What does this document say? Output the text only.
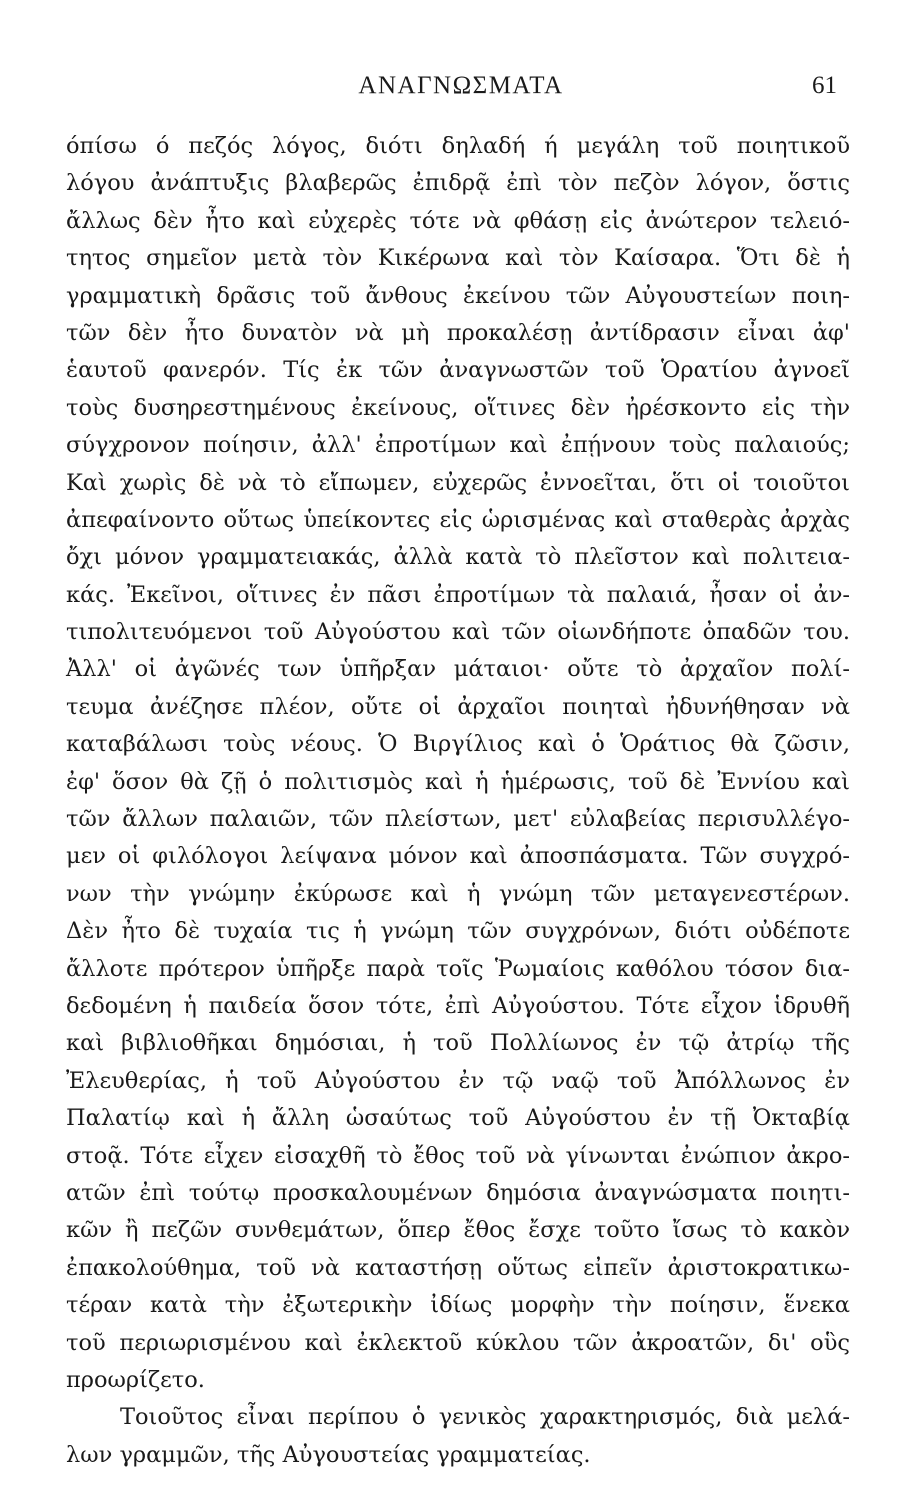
ΑΝΑΓΝΩΣΜΑΤΑ	61
όπίσω ό πεζός λόγος, διότι δηλαδή ή μεγάλη τοῦ ποιητικοῦ
λόγου ἀνάπτυξις βλαβερῶς ἐπιδρᾷ ἐπὶ τὸν πεζὸν λόγον, ὅστις
ἄλλως δὲν ἦτο καὶ εὐχερὲς τότε νὰ φθάσῃ εἰς ἀνώτερον τελειό-
τητος σημεῖον μετὰ τὸν Κικέρωνα καὶ τὸν Καίσαρα. Ὅτι δὲ ἡ
γραμματικὴ δρᾶσις τοῦ ἄνθους ἐκείνου τῶν Αὐγουστείων ποιη-
τῶν δὲν ἦτο δυνατὸν νὰ μὴ προκαλέσῃ ἀντίδρασιν εἶναι ἀφ'
ἑαυτοῦ φανερόν. Τίς ἐκ τῶν ἀναγνωστῶν τοῦ Ὁρατίου ἀγνοεῖ
τοὺς δυσηρεστημένους ἐκείνους, οἵτινες δὲν ἠρέσκοντο εἰς τὴν
σύγχρονον ποίησιν, ἀλλ' ἐπροτίμων καὶ ἐπῄνουν τοὺς παλαιούς;
Καὶ χωρὶς δὲ νὰ τὸ εἴπωμεν, εὐχερῶς ἐννοεῖται, ὅτι οἱ τοιοῦτοι
ἀπεφαίνοντο οὕτως ὑπείκοντες εἰς ὡρισμένας καὶ σταθερὰς ἀρχὰς
ὄχι μόνον γραμματειακάς, ἀλλὰ κατὰ τὸ πλεῖστον καὶ πολιτεια-
κάς. Ἐκεῖνοι, οἵτινες ἐν πᾶσι ἐπροτίμων τὰ παλαιά, ἦσαν οἱ ἀν-
τιπολιτευόμενοι τοῦ Αὐγούστου καὶ τῶν οἱωνδήποτε ὀπαδῶν του.
Ἀλλ' οἱ ἀγῶνές των ὑπῆρξαν μάταιοι· οὔτε τὸ ἀρχαῖον πολί-
τευμα ἀνέζησε πλέον, οὔτε οἱ ἀρχαῖοι ποιηταὶ ἠδυνήθησαν νὰ
καταβάλωσι τοὺς νέους. Ὁ Βιργίλιος καὶ ὁ Ὁράτιος θὰ ζῶσιν,
ἐφ' ὅσον θὰ ζῇ ὁ πολιτισμὸς καὶ ἡ ἡμέρωσις, τοῦ δὲ Ἐννίου καὶ
τῶν ἄλλων παλαιῶν, τῶν πλείστων, μετ' εὐλαβείας περισυλλέγο-
μεν οἱ φιλόλογοι λείψανα μόνον καὶ ἀποσπάσματα. Τῶν συγχρό-
νων τὴν γνώμην ἐκύρωσε καὶ ἡ γνώμη τῶν μεταγενεστέρων.
Δὲν ἦτο δὲ τυχαία τις ἡ γνώμη τῶν συγχρόνων, διότι οὐδέποτε
ἄλλοτε πρότερον ὑπῆρξε παρὰ τοῖς Ῥωμαίοις καθόλου τόσον δια-
δεδομένη ἡ παιδεία ὅσον τότε, ἐπὶ Αὐγούστου. Τότε εἶχον ἱδρυθῆ
καὶ βιβλιοθῆκαι δημόσιαι, ἡ τοῦ Πολλίωνος ἐν τῷ ἀτρίῳ τῆς
Ἐλευθερίας, ἡ τοῦ Αὐγούστου ἐν τῷ ναῷ τοῦ Ἀπόλλωνος ἐν
Παλατίῳ καὶ ἡ ἄλλη ὡσαύτως τοῦ Αὐγούστου ἐν τῇ Ὀκταβίᾳ
στοᾷ. Τότε εἶχεν εἰσαχθῆ τὸ ἔθος τοῦ νὰ γίνωνται ἐνώπιον ἀκρο-
ατῶν ἐπὶ τούτῳ προσκαλουμένων δημόσια ἀναγνώσματα ποιητι-
κῶν ἢ πεζῶν συνθεμάτων, ὅπερ ἔθος ἔσχε τοῦτο ἴσως τὸ κακὸν
ἐπακολούθημα, τοῦ νὰ καταστήσῃ οὕτως εἰπεῖν ἀριστοκρατικω-
τέραν κατὰ τὴν ἐξωτερικὴν ἰδίως μορφὴν τὴν ποίησιν, ἕνεκα
τοῦ περιωρισμένου καὶ ἐκλεκτοῦ κύκλου τῶν ἀκροατῶν, δι' οὓς
προωρίζετο.
Τοιοῦτος εἶναι περίπου ὁ γενικὸς χαρακτηρισμός, διὰ μελά-
λων γραμμῶν, τῆς Αὐγουστείας γραμματείας.
